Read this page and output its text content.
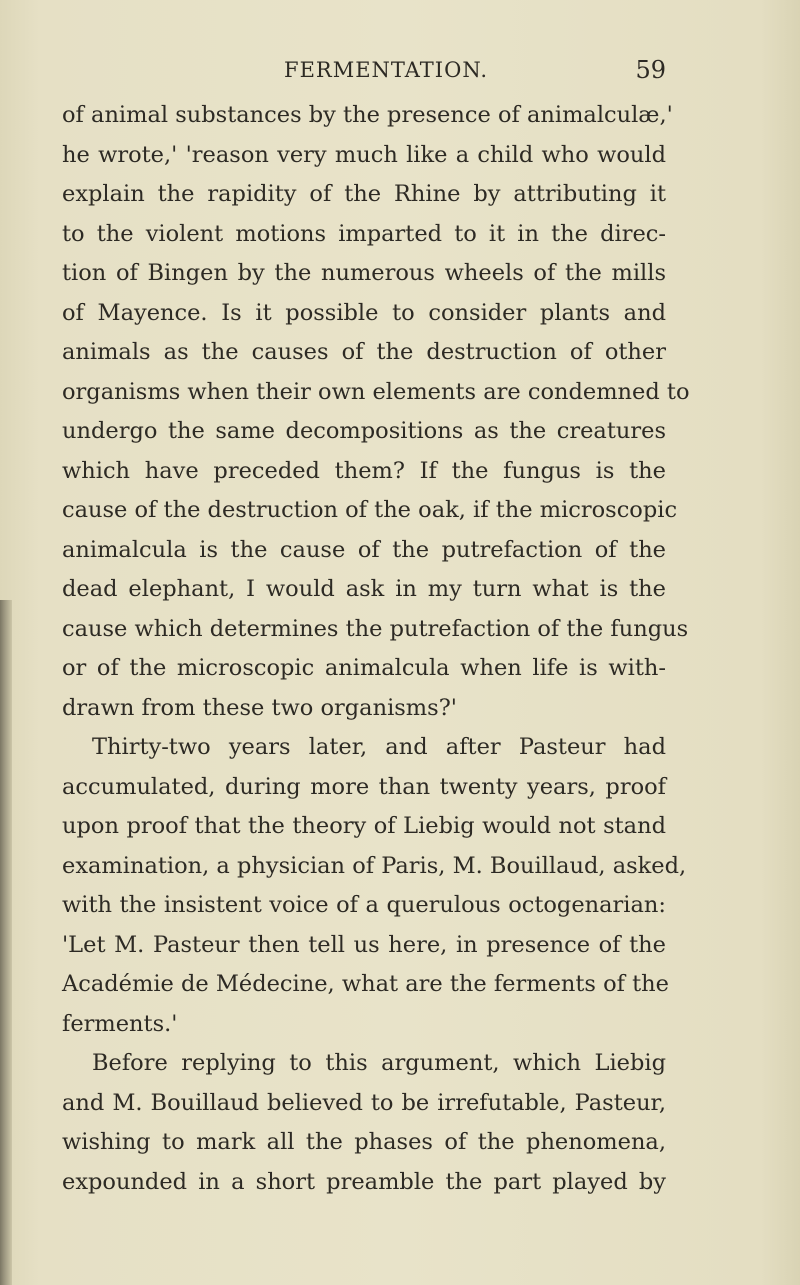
FERMENTATION.	59
of animal substances by the presence of animalculæ,'
he wrote,' 'reason very much like a child who would
explain the rapidity of the Rhine by attributing it
to the violent motions imparted to it in the direc-
tion of Bingen by the numerous wheels of the mills
of Mayence. Is it possible to consider plants and
animals as the causes of the destruction of other
organisms when their own elements are condemned to
undergo the same decompositions as the creatures
which have preceded them? If the fungus is the
cause of the destruction of the oak, if the microscopic
animalcula is the cause of the putrefaction of the
dead elephant, I would ask in my turn what is the
cause which determines the putrefaction of the fungus
or of the microscopic animalcula when life is with-
drawn from these two organisms?'
Thirty-two years later, and after Pasteur had
accumulated, during more than twenty years, proof
upon proof that the theory of Liebig would not stand
examination, a physician of Paris, M. Bouillaud, asked,
with the insistent voice of a querulous octogenarian:
'Let M. Pasteur then tell us here, in presence of the
Académie de Médecine, what are the ferments of the
ferments.'
Before replying to this argument, which Liebig
and M. Bouillaud believed to be irrefutable, Pasteur,
wishing to mark all the phases of the phenomena,
expounded in a short preamble the part played by
